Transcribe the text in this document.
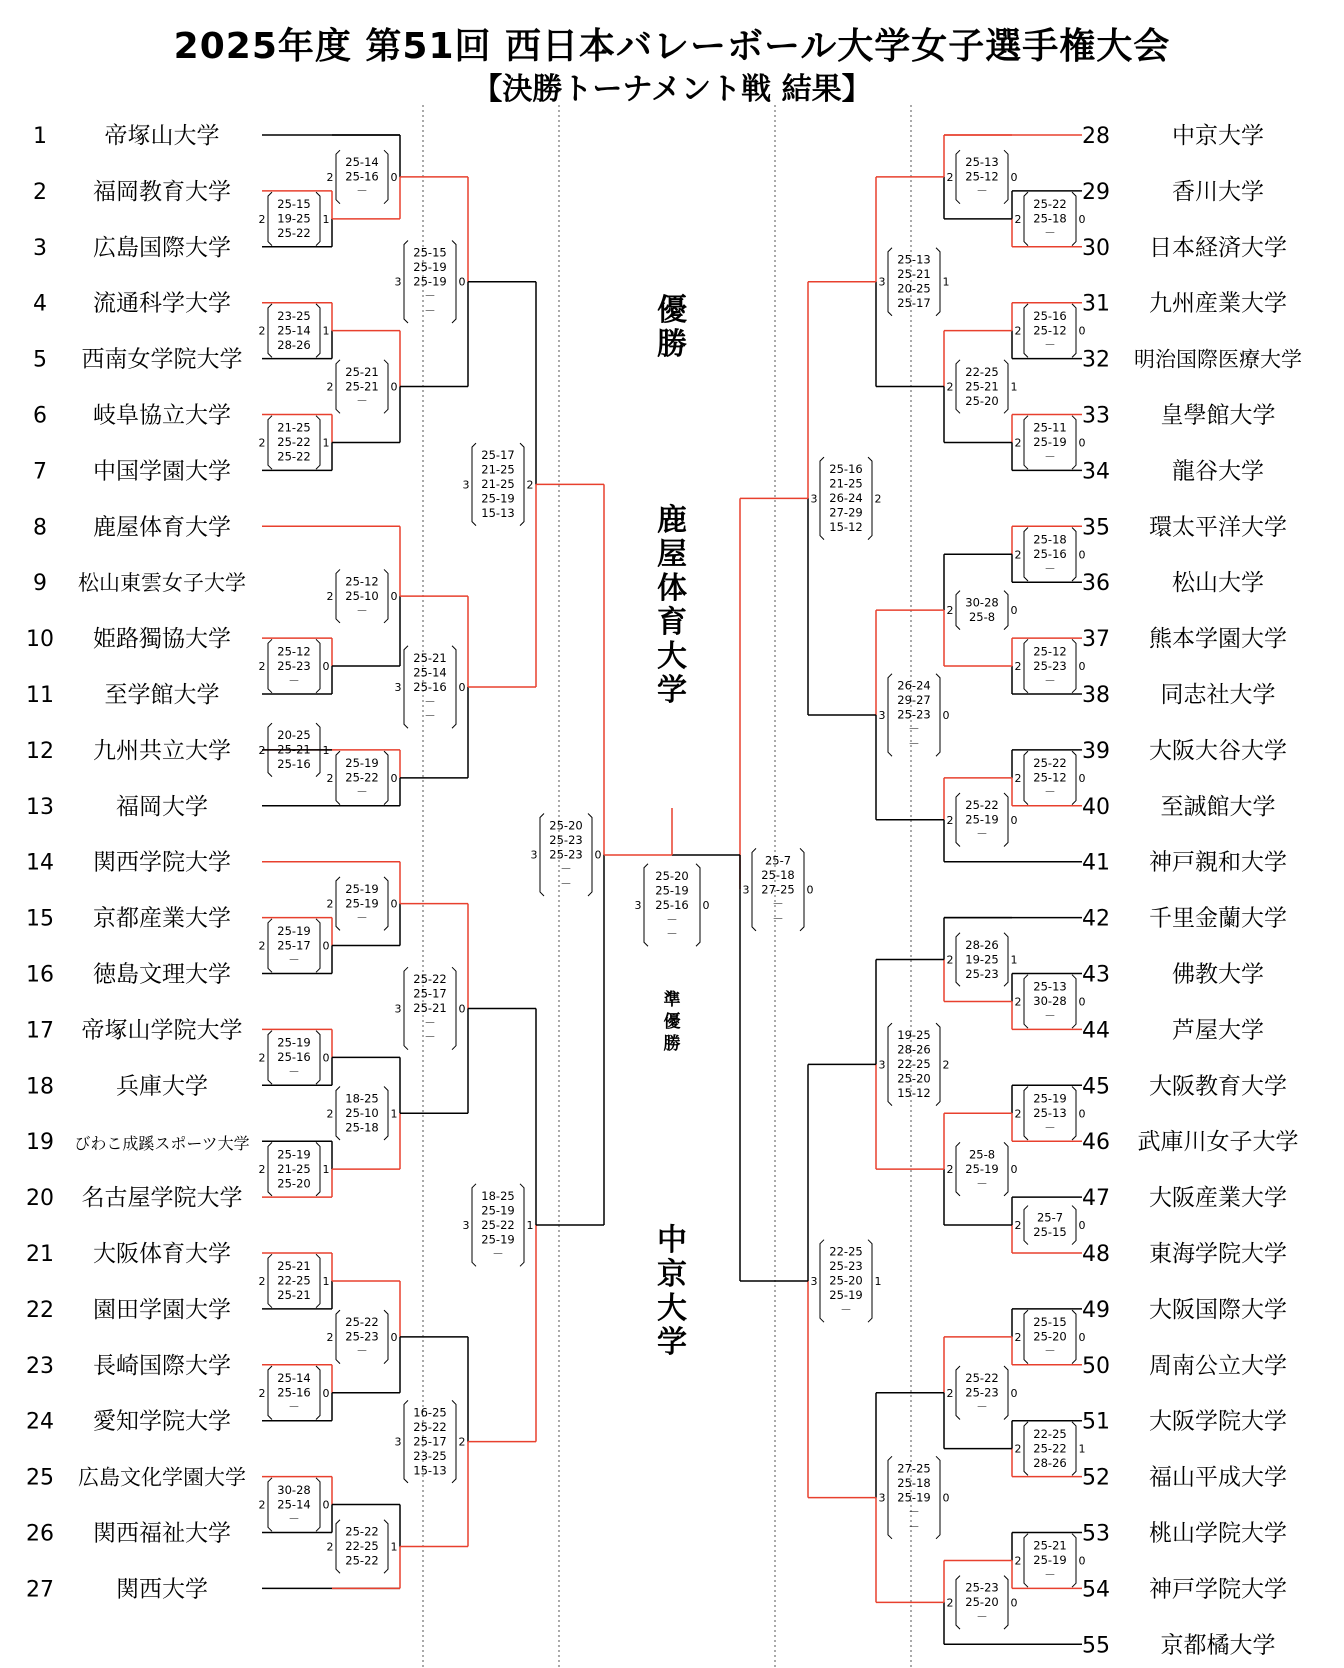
2025年度 第51回 西日本バレーボール大学女子選手権大会
【決勝トーナメント戦 結果】
1	帝塚山大学
2 福岡教育大学
3 広島国際大学
4 流通科学大学
5 西南女学院大学
6 岐阜協立大学
7 中国学園大学
8 鹿屋体育大学
9 松山東雲女子大学
10 姫路獨協大学
11 至学館大学
12 九州共立大学
13	福岡大学
14 関西学院大学
15 京都産業大学
16 徳島文理大学
17 帝塚山学院大学
18	兵庫大学
19 びわこ成蹊スポーツ大学
20 名古屋学院大学
21 大阪体育大学
22 園田学園大学
23 長崎国際大学
24 愛知学院大学
25 広島文化学園大学
26 関西福祉大学
27	関西大学
28	中京大学
29	香川大学
30 日本経済大学
31 九州産業大学
32 明治国際医療大学
33 皇學館大学
34	龍谷大学
35 環太平洋大学
36	松山大学
37 熊本学園大学
38 同志社大学
39 大阪大谷大学
40 至誠館大学
41 神戸親和大学
42 千里金蘭大学
43	佛教大学
44	芦屋大学
45 大阪教育大学
46 武庫川女子大学
47 大阪産業大学
48 東海学院大学
49 大阪国際大学
50 周南公立大学
51 大阪学院大学
52 福山平成大学
53 桃山学院大学
54 神戸学院大学
55 京都橘大学
25-15
19-25
25-22
2	1
25-14
25-16
－
2	0
23-25
25-14
28-26
2	1
21-25
25-22
25-22
2	1
25-21
25-21
－
2	0
25-15
25-19
25-19
－
－
3	0
25-12
25-23
－
2	0
25-12
25-10
－
2	0
20-25
25-21
25-16
2	1
25-19
25-22
－
2	0
25-21
25-14
25-16
－
－
3	0
25-17
21-25
21-25
25-19
15-13
3	2
25-19
25-17
－
2	0
25-19
25-19
－
2	0
25-19
25-16
－
2	0
25-19
21-25
25-20
2	1
18-25
25-10
25-18
2	1
25-22
25-17
25-21
－
－
3	0
25-21
22-25
25-21
2	1
25-14
25-16
－
2	0
25-22
25-23
－
2	0
30-28
25-14
－
2	0
25-22
22-25
25-22
2	1
16-25
25-22
25-17
23-25
15-13
3	2
18-25
25-19
25-22
25-19
－
3	1
25-20
25-23
25-23
－
－
3	0
25-22
25-18
－
2	0
25-13
25-12
－
2	0
25-16
25-12
－
2	0
25-11
25-19
－
2	0
22-25
25-21
25-20
2	1
25-13
25-21
20-25
25-17
3	1
25-18
25-16
－
2	0
25-12
25-23
－
2	0
30-28
25-8
2	0
25-22
25-12
－
2	0
25-22
25-19
－
2	0
26-24
29-27
25-23
－
－
3	0
25-16
21-25
26-24
27-29
15-12
3	2
25-13
30-28
－
2	0
28-26
19-25
25-23
2	1
25-19
25-13
－
2	0
25-7
25-15
2	0
25-8
25-19
－
2	0
19-25
28-26
22-25
25-20
15-12
3	2
25-15
25-20
－
2	0
22-25
25-22
28-26
2	1
25-22
25-23
－
2	0
25-21
25-19
－
2	0
25-23
25-20
－
2	0
27-25
25-18
25-19
－
－
3	0
22-25
25-23
25-20
25-19
－
3	1
25-7
25-18
27-25
－
－
3	0
25-20
25-19
25-16
－
－
3	0
優
勝
鹿
屋
体
育
大
学
準
優
勝
中
京
大
学
